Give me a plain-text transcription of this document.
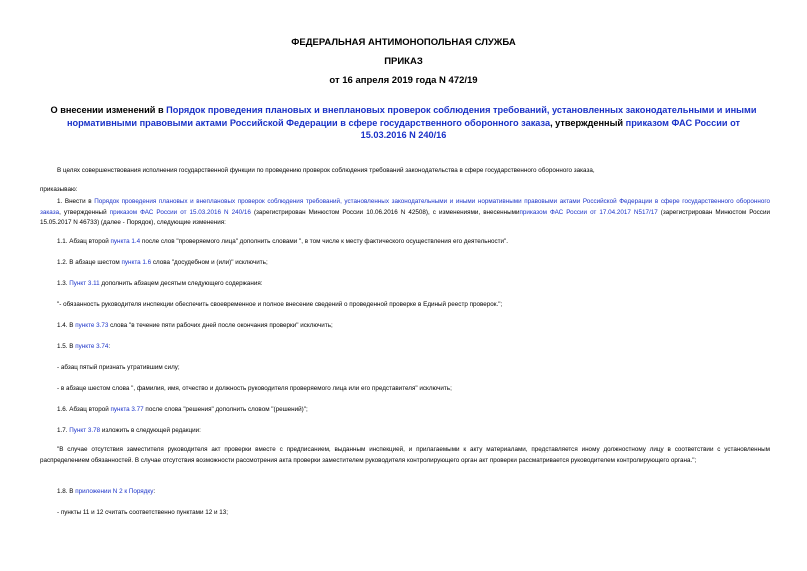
ФЕДЕРАЛЬНАЯ АНТИМОНОПОЛЬНАЯ СЛУЖБА
ПРИКАЗ
от 16 апреля 2019 года N 472/19
О внесении изменений в Порядок проведения плановых и внеплановых проверок соблюдения требований, установленных законодательными и иными нормативными правовыми актами Российской Федерации в сфере государственного оборонного заказа, утвержденный приказом ФАС России от 15.03.2016 N 240/16
В целях совершенствования исполнения государственной функции по проведению проверок соблюдения требований законодательства в сфере государственного оборонного заказа,
приказываю:
1. Внести в Порядок проведения плановых и внеплановых проверок соблюдения требований, установленных законодательными и иными нормативными правовыми актами Российской Федерации в сфере государственного оборонного заказа, утвержденный приказом ФАС России от 15.03.2016 N 240/16 (зарегистрирован Минюстом России 10.06.2016 N 42508), с изменениями, внесеннымиприказом ФАС России от 17.04.2017 N517/17 (зарегистрирован Минюстом России 15.05.2017 N 46733) (далее - Порядок), следующие изменения:
1.1. Абзац второй пункта 1.4 после слов "проверяемого лица" дополнить словами ", в том числе к месту фактического осуществления его деятельности".
1.2. В абзаце шестом пункта 1.6 слова "досудебном и (или)" исключить;
1.3. Пункт 3.11 дополнить абзацем десятым следующего содержания:
"- обязанность руководителя инспекции обеспечить своевременное и полное внесение сведений о проведенной проверке в Единый реестр проверок.";
1.4. В пункте 3.73 слова "в течение пяти рабочих дней после окончания проверки" исключить;
1.5. В пункте 3.74:
- абзац пятый признать утратившим силу;
- в абзаце шестом слова ", фамилия, имя, отчество и должность руководителя проверяемого лица или его представителя" исключить;
1.6. Абзац второй пункта 3.77 после слова "решения" дополнить словом "(решений)";
1.7. Пункт 3.78 изложить в следующей редакции:
"В случае отсутствия заместителя руководителя акт проверки вместе с предписанием, выданным инспекцией, и прилагаемыми к акту материалами, представляется иному должностному лицу в соответствии с установленным распределением обязанностей. В случае отсутствия возможности рассмотрения акта проверки заместителем руководителя контролирующего орган акт проверки рассматривается руководителем контролирующего органа.";
1.8. В приложении N 2 к Порядку:
- пункты 11 и 12 считать соответственно пунктами 12 и 13;
